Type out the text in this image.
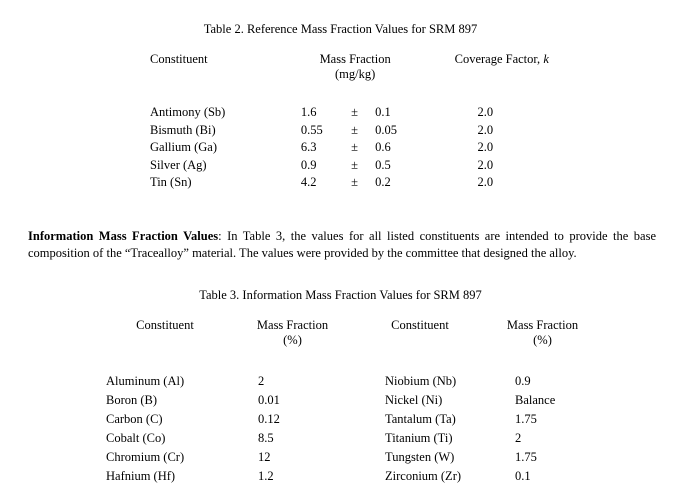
Table 2. Reference Mass Fraction Values for SRM 897
Constituent	Mass Fraction			Coverage Factor, k
	(mg/kg)			

Antimony (Sb)	1.6	±	0.1	2.0
Bismuth (Bi)	0.55	±	0.05	2.0
Gallium (Ga)	6.3	±	0.6	2.0
Silver (Ag)	0.9	±	0.5	2.0
Tin (Sn)	4.2	±	0.2	2.0
Information Mass Fraction Values: In Table 3, the values for all listed constituents are intended to provide the base composition of the “Tracealloy” material. The values were provided by the committee that designed the alloy.
Table 3. Information Mass Fraction Values for SRM 897
Constituent	Mass Fraction	Constituent	Mass Fraction
	(%)		(%)

Aluminum (Al)	2	Niobium (Nb)	0.9
Boron (B)	0.01	Nickel (Ni)	Balance
Carbon (C)	0.12	Tantalum (Ta)	1.75
Cobalt (Co)	8.5	Titanium (Ti)	2
Chromium (Cr)	12	Tungsten (W)	1.75
Hafnium (Hf)	1.2	Zirconium (Zr)	0.1
